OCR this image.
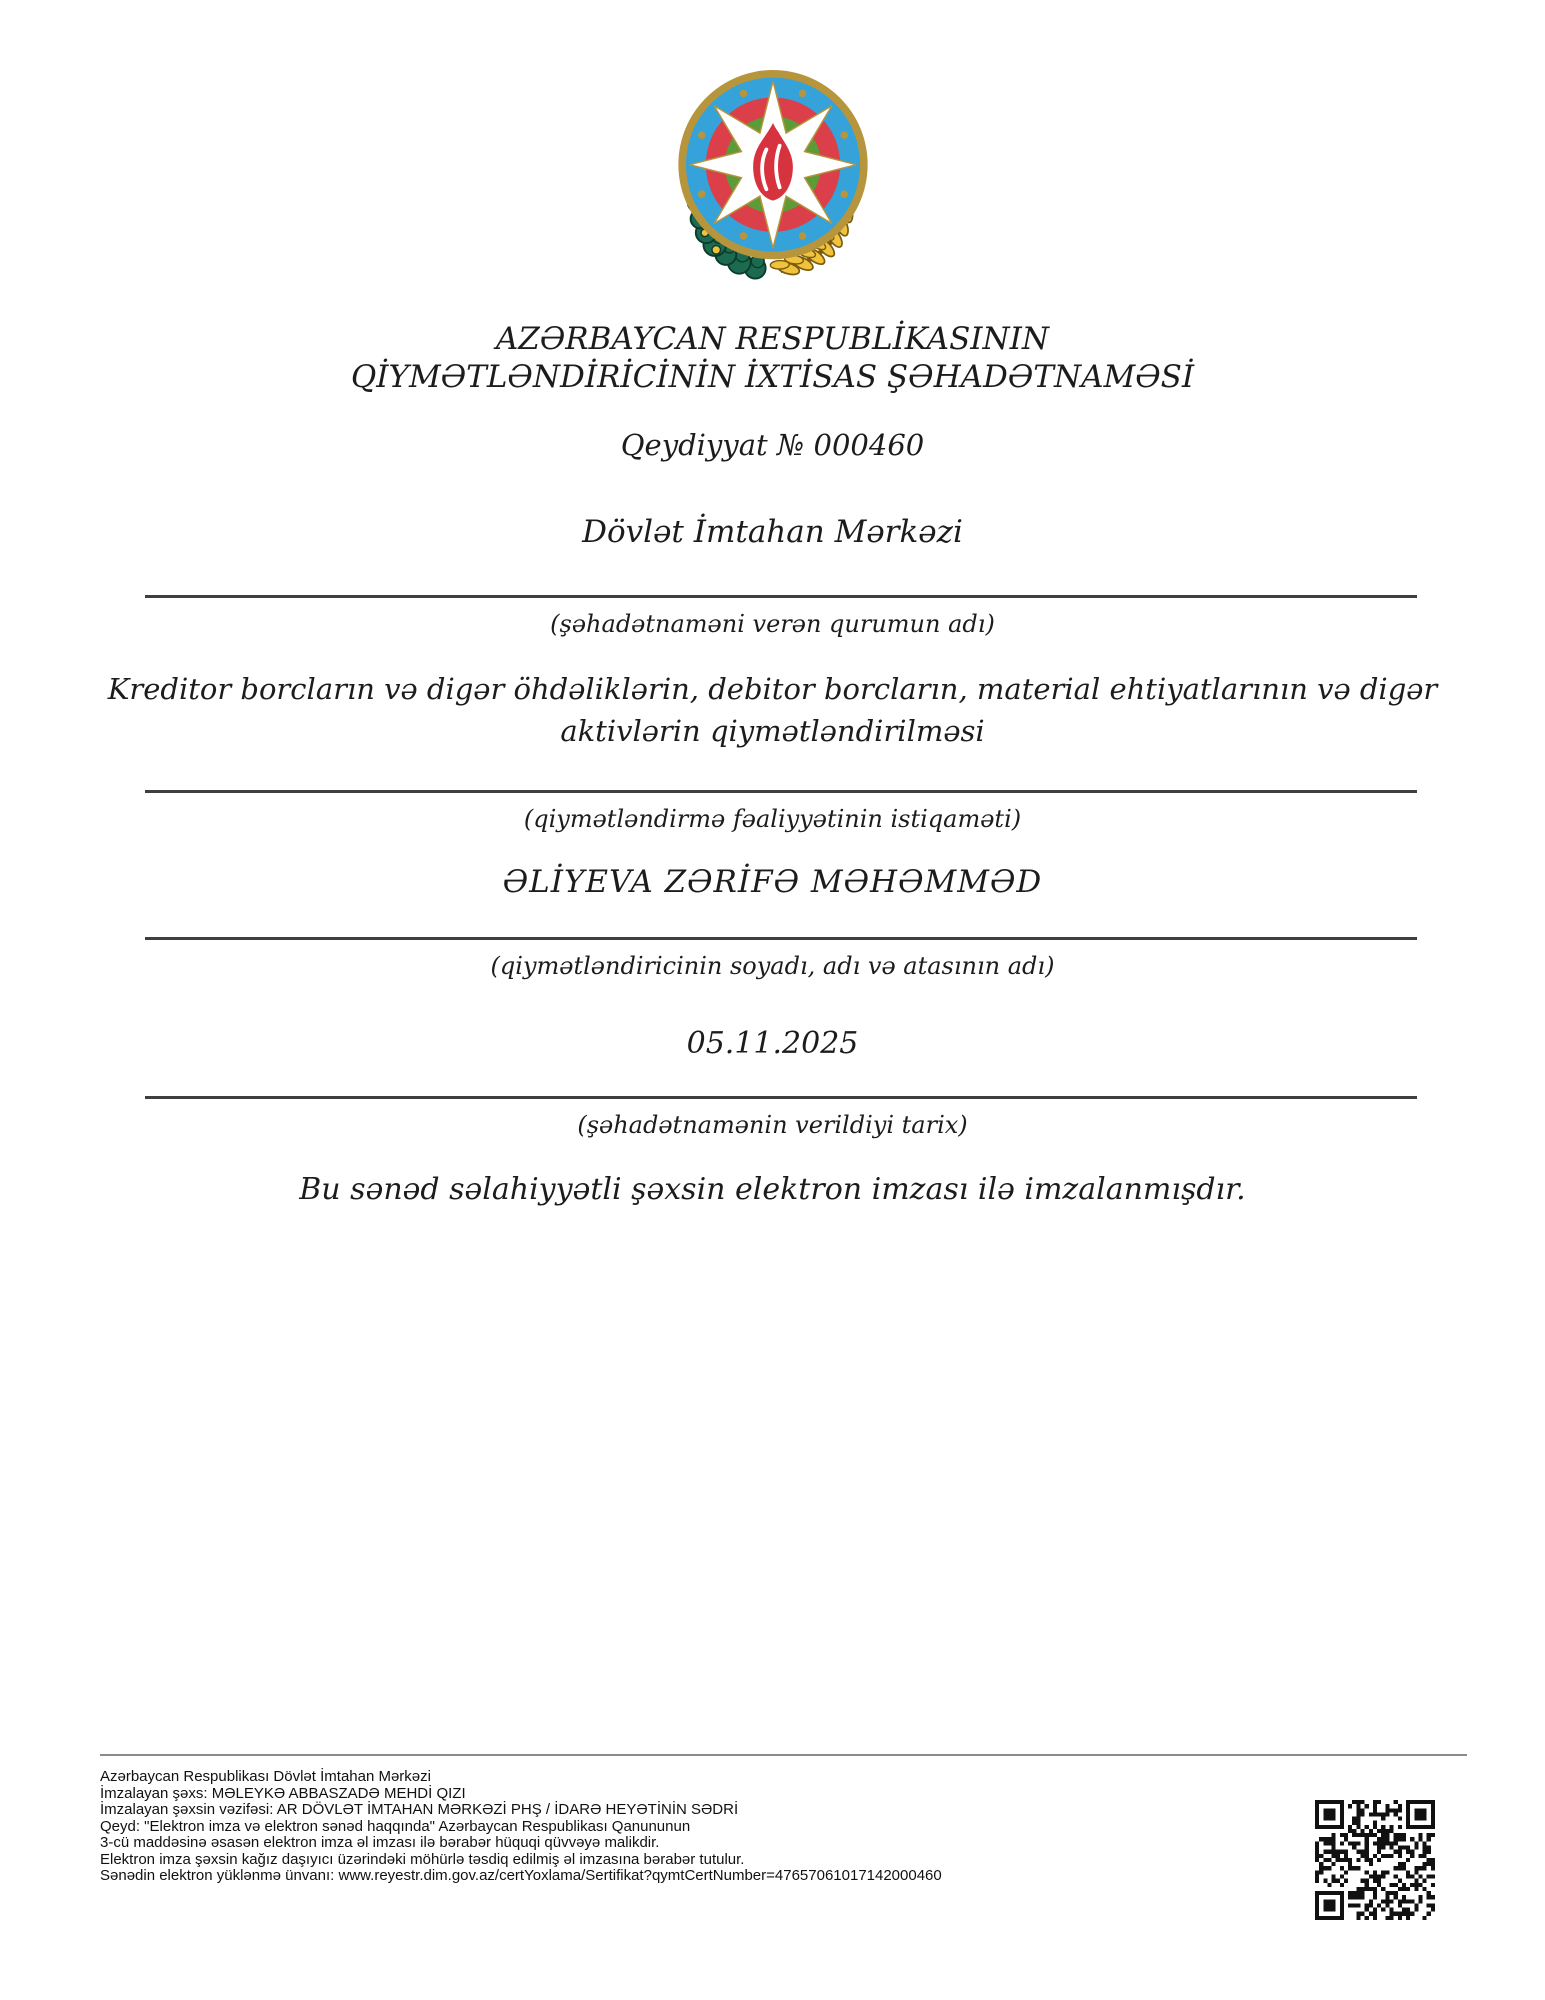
AZƏRBAYCAN RESPUBLİKASININ
QİYMƏTLƏNDİRİCİNİN İXTİSAS ŞƏHADƏTNAMƏSİ
Qeydiyyat № 000460
Dövlət İmtahan Mərkəzi
(şəhadətnaməni verən qurumun adı)
Kreditor borcların və digər öhdəliklərin, debitor borcların, material ehtiyatlarının və digər
aktivlərin qiymətləndirilməsi
(qiymətləndirmə fəaliyyətinin istiqaməti)
ƏLİYEVA ZƏRİFƏ MƏHƏMMƏD
(qiymətləndiricinin soyadı, adı və atasının adı)
05.11.2025
(şəhadətnamənin verildiyi tarix)
Bu sənəd səlahiyyətli şəxsin elektron imzası ilə imzalanmışdır.
Azərbaycan Respublikası Dövlət İmtahan Mərkəzi
İmzalayan şəxs: MƏLEYKƏ ABBASZADƏ MEHDİ QIZI
İmzalayan şəxsin vəzifəsi: AR DÖVLƏT İMTAHAN MƏRKƏZİ PHŞ / İDARƏ HEYƏTİNİN SƏDRİ
Qeyd: "Elektron imza və elektron sənəd haqqında" Azərbaycan Respublikası Qanununun
3-cü maddəsinə əsasən elektron imza əl imzası ilə bərabər hüquqi qüvvəyə malikdir.
Elektron imza şəxsin kağız daşıyıcı üzərindəki möhürlə təsdiq edilmiş əl imzasına bərabər tutulur.
Sənədin elektron yüklənmə ünvanı: www.reyestr.dim.gov.az/certYoxlama/Sertifikat?qymtCertNumber=47657061017142000460
